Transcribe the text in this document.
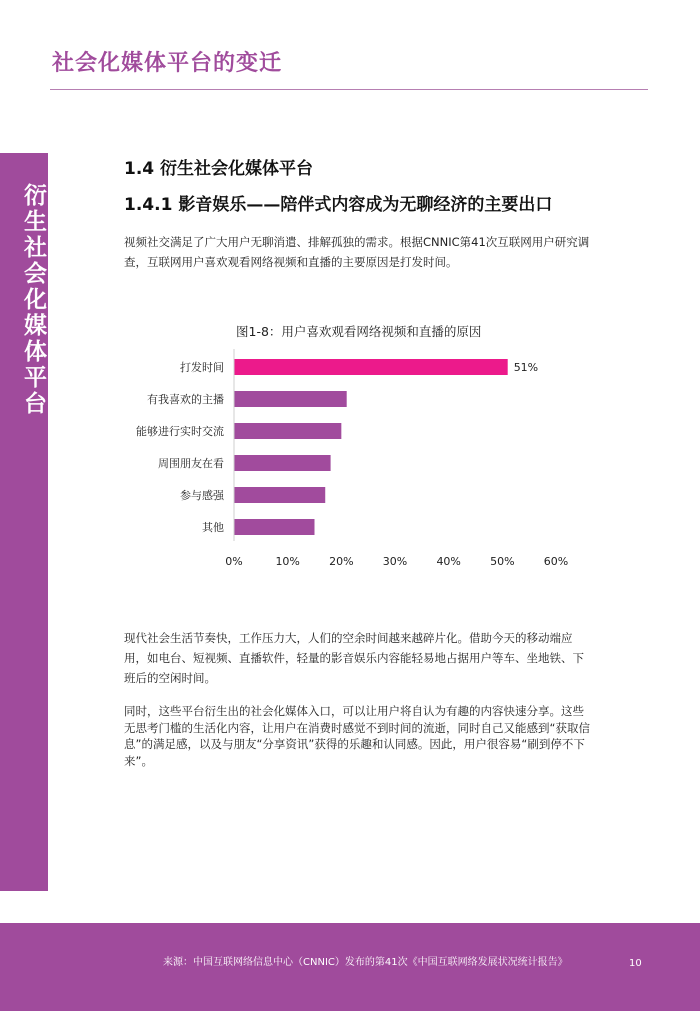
社会化媒体平台的变迁
衍生社会化媒体平台
1.4 衍生社会化媒体平台
1.4.1 影音娱乐——陪伴式内容成为无聊经济的主要出口
视频社交满足了广大用户无聊消遣、排解孤独的需求。根据CNNIC第41次互联网用户研究调查，互联网用户喜欢观看网络视频和直播的主要原因是打发时间。
图1-8：用户喜欢观看网络视频和直播的原因
打发时间
有我喜欢的主播
能够进行实时交流
周围朋友在看
参与感强
其他
51%
0%	10%	20%	30%	40%	50%	60%
现代社会生活节奏快，工作压力大，人们的空余时间越来越碎片化。借助今天的移动端应用，如电台、短视频、直播软件，轻量的影音娱乐内容能轻易地占据用户等车、坐地铁、下班后的空闲时间。
同时，这些平台衍生出的社会化媒体入口，可以让用户将自认为有趣的内容快速分享。这些无思考门槛的生活化内容，让用户在消费时感觉不到时间的流逝，同时自己又能感到“获取信息”的满足感，以及与朋友“分享资讯”获得的乐趣和认同感。因此，用户很容易“刷到停不下来”。
来源：中国互联网络信息中心（CNNIC）发布的第41次《中国互联网络发展状况统计报告》	10
